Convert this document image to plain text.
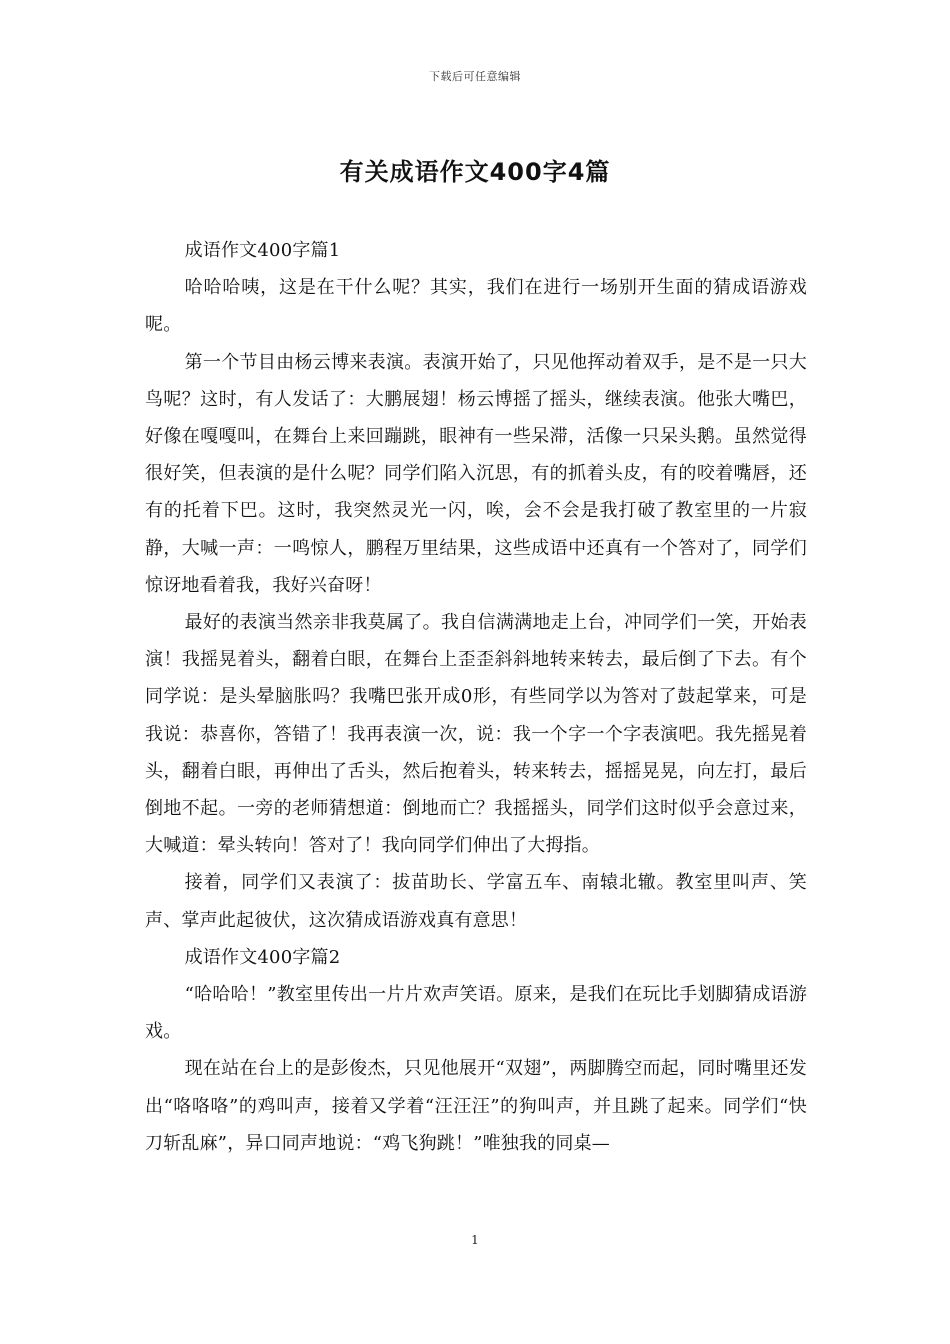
下载后可任意编辑
有关成语作文400字4篇

成语作文400字篇1

哈哈哈咦，这是在干什么呢？其实，我们在进行一场别开生面的猜成语游戏呢。

第一个节目由杨云博来表演。表演开始了，只见他挥动着双手，是不是一只大鸟呢？这时，有人发话了：大鹏展翅！杨云博摇了摇头，继续表演。他张大嘴巴，好像在嘎嘎叫，在舞台上来回蹦跳，眼神有一些呆滞，活像一只呆头鹅。虽然觉得很好笑，但表演的是什么呢？同学们陷入沉思，有的抓着头皮，有的咬着嘴唇，还有的托着下巴。这时，我突然灵光一闪，唉，会不会是我打破了教室里的一片寂静，大喊一声：一鸣惊人，鹏程万里结果，这些成语中还真有一个答对了，同学们惊讶地看着我，我好兴奋呀！

最好的表演当然亲非我莫属了。我自信满满地走上台，冲同学们一笑，开始表演！我摇晃着头，翻着白眼，在舞台上歪歪斜斜地转来转去，最后倒了下去。有个同学说：是头晕脑胀吗？我嘴巴张开成0形，有些同学以为答对了鼓起掌来，可是我说：恭喜你，答错了！我再表演一次，说：我一个字一个字表演吧。我先摇晃着头，翻着白眼，再伸出了舌头，然后抱着头，转来转去，摇摇晃晃，向左打，最后倒地不起。一旁的老师猜想道：倒地而亡？我摇摇头，同学们这时似乎会意过来，大喊道：晕头转向！答对了！我向同学们伸出了大拇指。

接着，同学们又表演了：拔苗助长、学富五车、南辕北辙。教室里叫声、笑声、掌声此起彼伏，这次猜成语游戏真有意思！

成语作文400字篇2

“哈哈哈！”教室里传出一片片欢声笑语。原来，是我们在玩比手划脚猜成语游戏。

现在站在台上的是彭俊杰，只见他展开“双翅”，两脚腾空而起，同时嘴里还发出“咯咯咯”的鸡叫声，接着又学着“汪汪汪”的狗叫声，并且跳了起来。同学们“快刀斩乱麻”，异口同声地说：“鸡飞狗跳！”唯独我的同桌—

1
